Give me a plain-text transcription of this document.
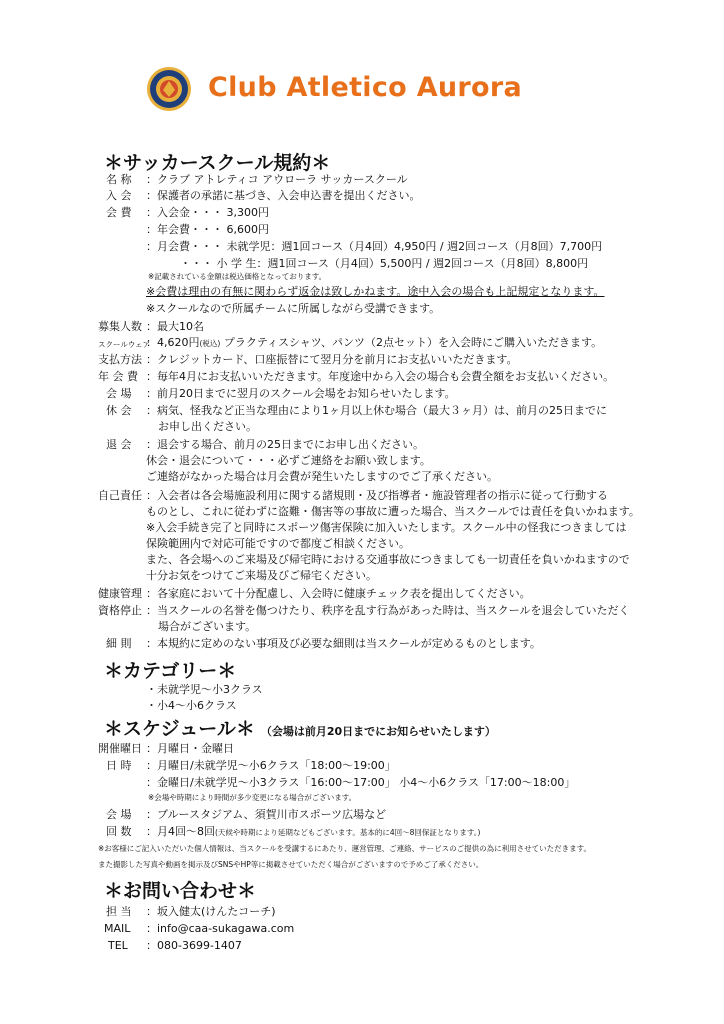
Club Atletico Aurora
＊サッカースクール規約＊
名 称 ：クラブ アトレティコ アウローラ サッカースクール
入 会 ：保護者の承諾に基づき、入会申込書を提出ください。
会 費 ：入会金・・・ 3,300円
：年会費・・・ 6,600円
：月会費・・・ 未就学児：週1回コース（月4回）4,950円 / 週2回コース（月8回）7,700円
・・・ 小 学 生：週1回コース（月4回）5,500円 / 週2回コース（月8回）8,800円
※記載されている金額は税込価格となっております。
※会費は理由の有無に関わらず返金は致しかねます。途中入会の場合も上記規定となります。
※スクールなので所属チームに所属しながら受講できます。
募集人数 ：最大10名
スクールウェア
：4,620円(税込) プラクティスシャツ、パンツ（2点セット）を入会時にご購入いただきます。
支払方法 ：クレジットカード、口座振替にて翌月分を前月にお支払いいただきます。
年 会 費 ：毎年4月にお支払いいただきます。年度途中から入会の場合も会費全額をお支払いください。
会 場 ：前月20日までに翌月のスクール会場をお知らせいたします。
休 会 ：病気、怪我など正当な理由により1ヶ月以上休む場合（最大３ヶ月）は、前月の25日までに
お申し出ください。
退 会 ：退会する場合、前月の25日までにお申し出ください。
休会・退会について・・・必ずご連絡をお願い致します。
ご連絡がなかった場合は月会費が発生いたしますのでご了承ください。
自己責任 ：入会者は各会場施設利用に関する諸規則・及び指導者・施設管理者の指示に従って行動する
ものとし、これに従わずに盗難・傷害等の事故に遭った場合、当スクールでは責任を負いかねます。
※入会手続き完了と同時にスポーツ傷害保険に加入いたします。スクール中の怪我につきましては
保険範囲内で対応可能ですので都度ご相談ください。
また、各会場へのご来場及び帰宅時における交通事故につきましても一切責任を負いかねますので
十分お気をつけてご来場及びご帰宅ください。
健康管理 ：各家庭において十分配慮し、入会時に健康チェック表を提出してください。
資格停止 ：当スクールの名誉を傷つけたり、秩序を乱す行為があった時は、当スクールを退会していただく
場合がございます。
細 則 ：本規約に定めのない事項及び必要な細則は当スクールが定めるものとします。
＊カテゴリー＊
・未就学児～小3クラス
・小4～小6クラス
＊スケジュール＊ （会場は前月20日までにお知らせいたします）
開催曜日 ：月曜日・金曜日
日 時 ：月曜日/未就学児～小6クラス「18:00～19:00」
：金曜日/未就学児～小3クラス「16:00～17:00」 小4～小6クラス「17:00～18:00」
※会場や時期により時間が多少変更になる場合がございます。
会 場 ：ブルースタジアム、須賀川市スポーツ広場など
回 数 ：月4回～8回(天候や時期により延期などもございます。基本的に4回～8回保証となります。)
※お客様にご記入いただいた個人情報は、当スクールを受講するにあたり、運営管理、ご連絡、サービスのご提供の為に利用させていただきます。
また撮影した写真や動画を掲示及びSNSやHP等に掲載させていただく場合がございますので予めご了承ください。
＊お問い合わせ＊
担 当 ：坂入健太(けんたコーチ)
MAIL ：info@caa-sukagawa.com
TEL ：080-3699-1407
